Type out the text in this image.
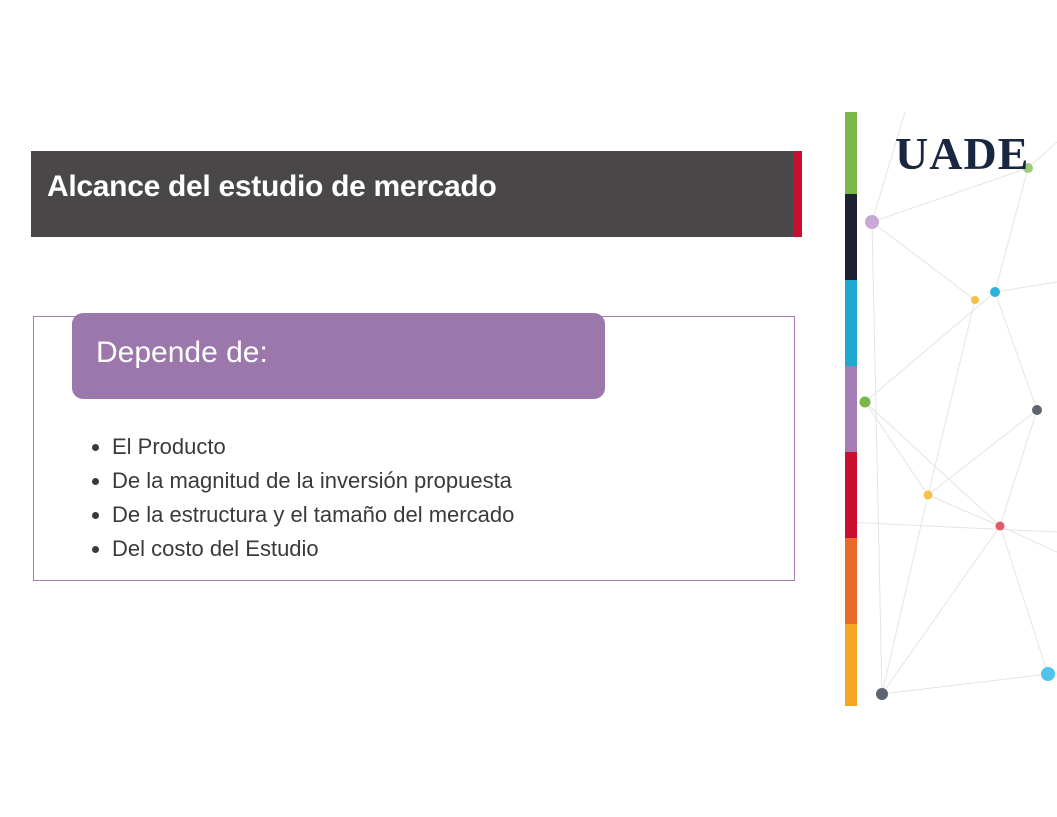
Alcance del estudio de mercado
Depende de:
El Producto
De la magnitud de la inversión propuesta
De la estructura y el tamaño del mercado
Del costo del Estudio
UADE
